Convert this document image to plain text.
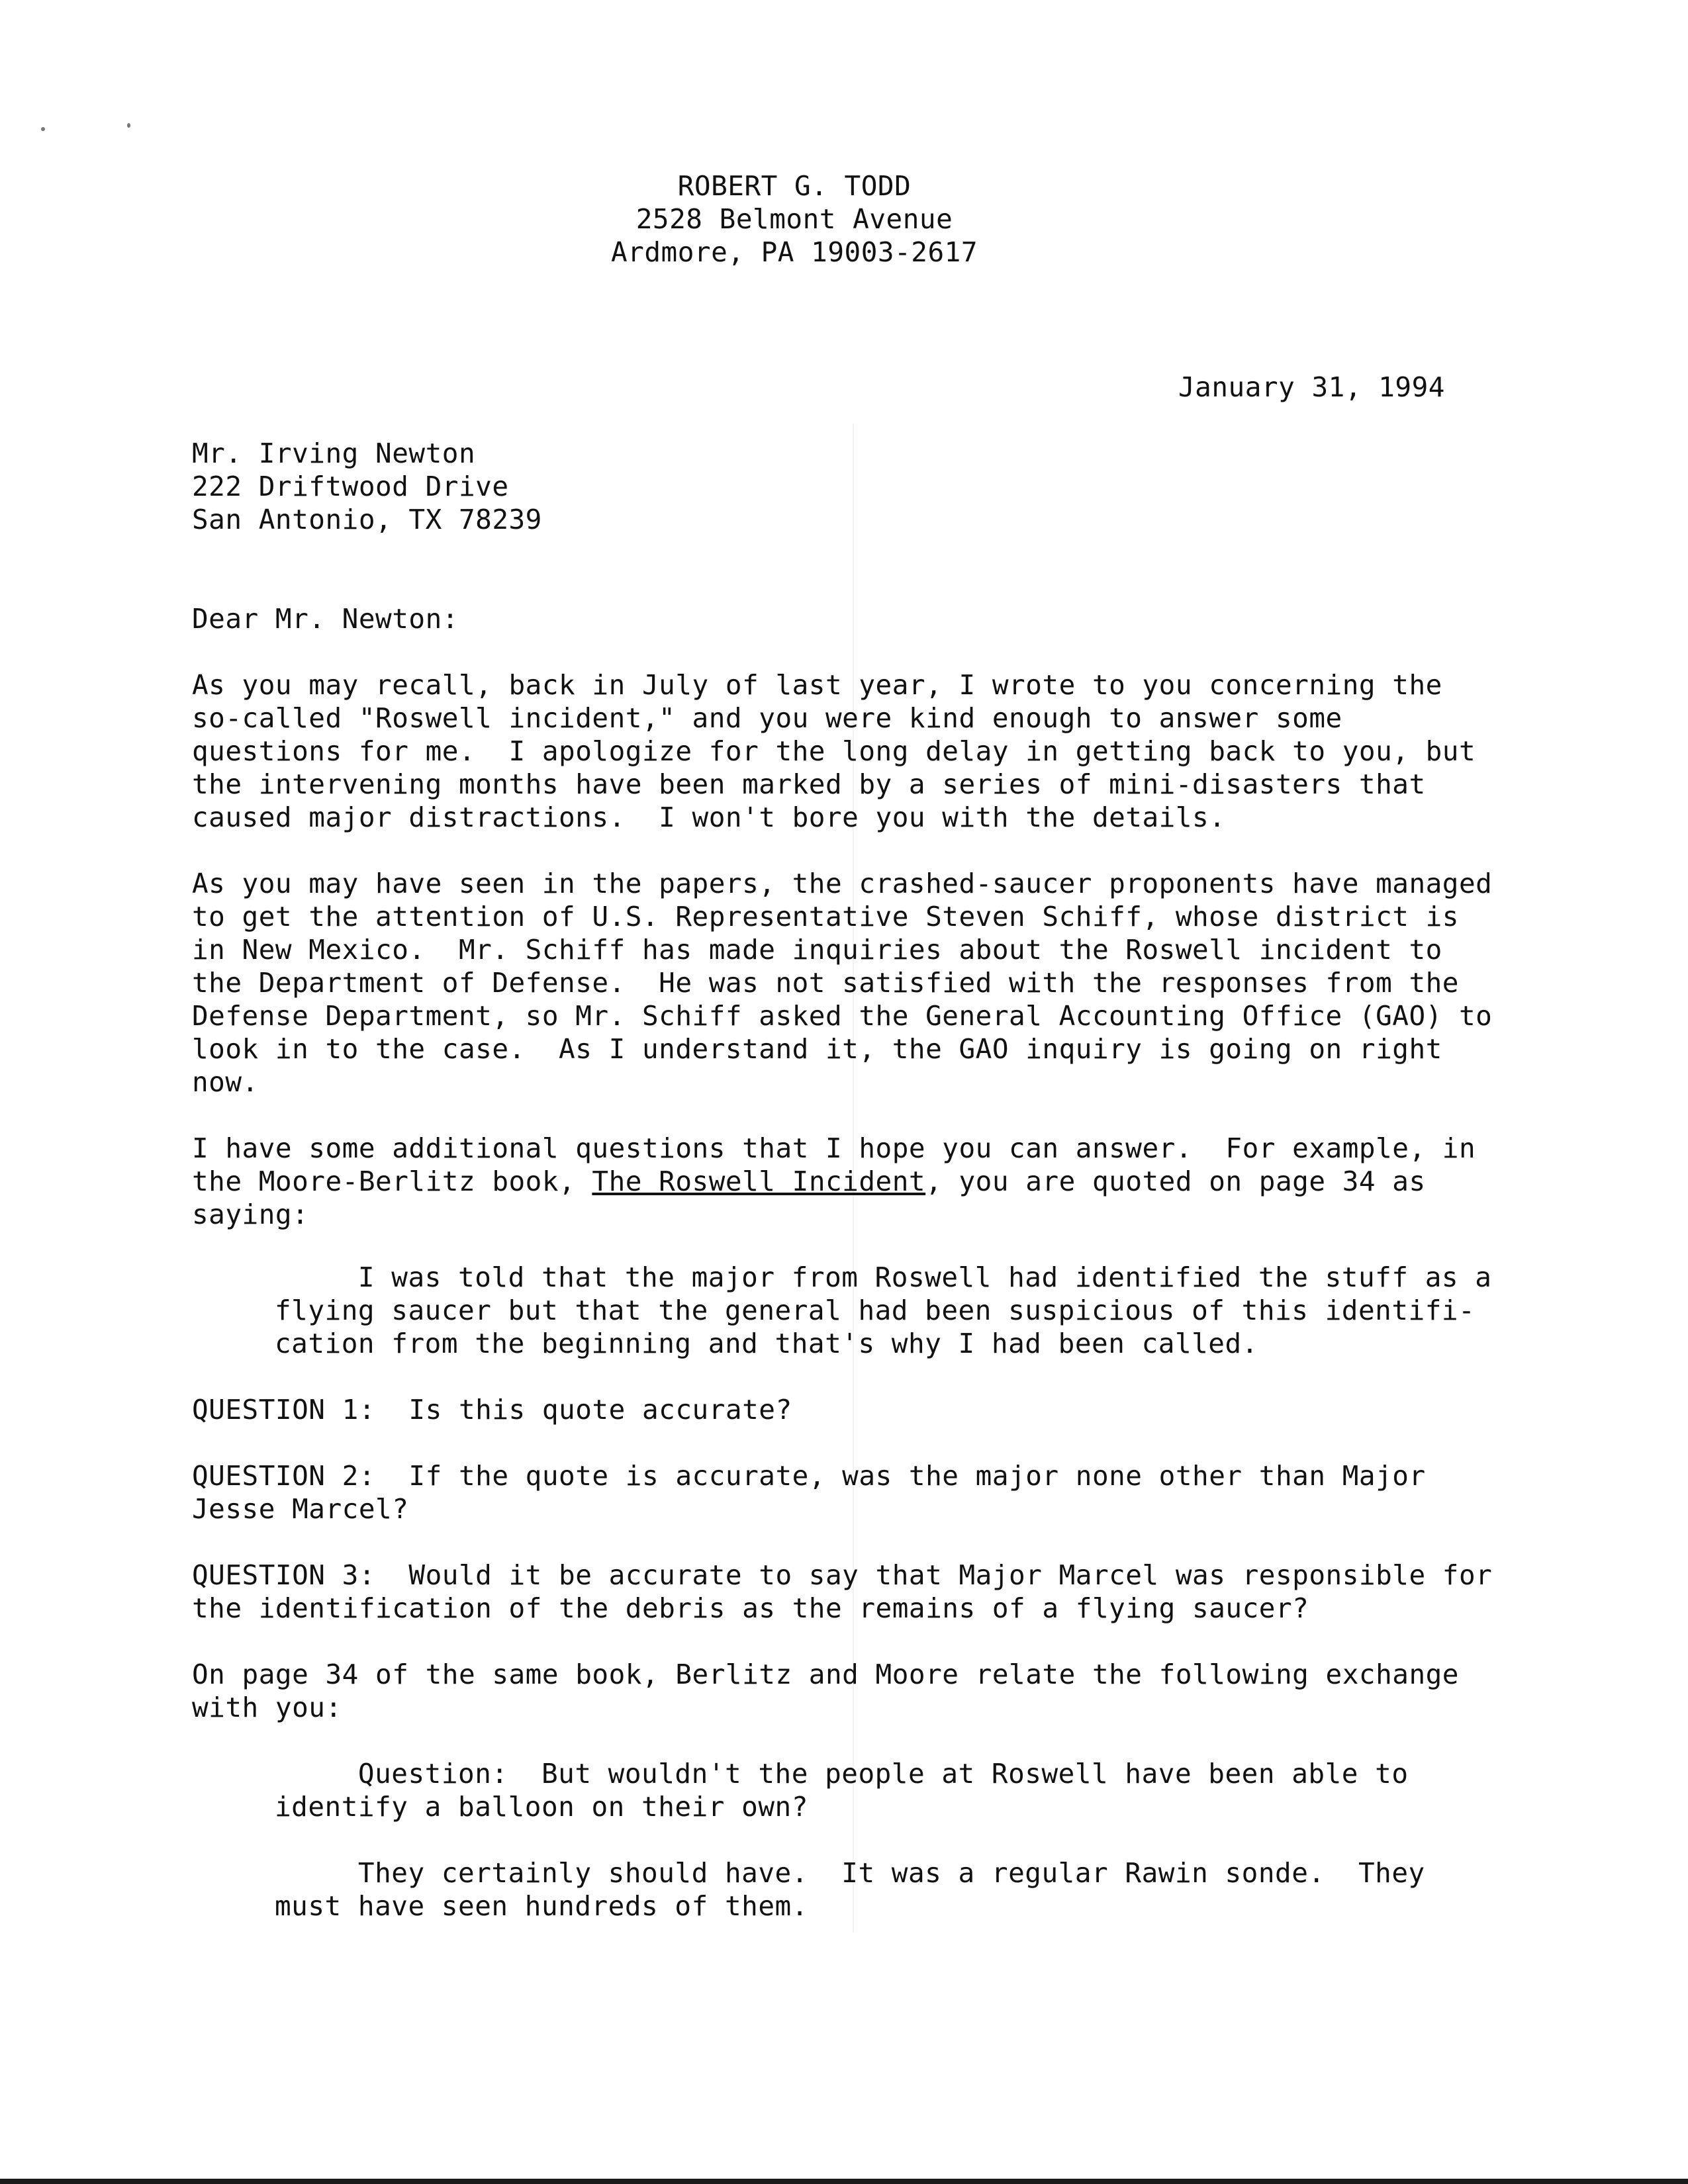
ROBERT G. TODD
2528 Belmont Avenue
Ardmore, PA 19003-2617
January 31, 1994
Mr. Irving Newton
222 Driftwood Drive
San Antonio, TX 78239
Dear Mr. Newton:
As you may recall, back in July of last year, I wrote to you concerning the
so-called "Roswell incident," and you were kind enough to answer some
questions for me.  I apologize for the long delay in getting back to you, but
the intervening months have been marked by a series of mini-disasters that
caused major distractions.  I won't bore you with the details.
As you may have seen in the papers, the crashed-saucer proponents have managed
to get the attention of U.S. Representative Steven Schiff, whose district is
in New Mexico.  Mr. Schiff has made inquiries about the Roswell incident to
the Department of Defense.  He was not satisfied with the responses from the
Defense Department, so Mr. Schiff asked the General Accounting Office (GAO) to
look in to the case.  As I understand it, the GAO inquiry is going on right
now.
I have some additional questions that I hope you can answer.  For example, in
the Moore-Berlitz book, The Roswell Incident, you are quoted on page 34 as
saying:
I was told that the major from Roswell had identified the stuff as a
flying saucer but that the general had been suspicious of this identifi-
cation from the beginning and that's why I had been called.
QUESTION 1:  Is this quote accurate?
QUESTION 2:  If the quote is accurate, was the major none other than Major
Jesse Marcel?
QUESTION 3:  Would it be accurate to say that Major Marcel was responsible for
the identification of the debris as the remains of a flying saucer?
On page 34 of the same book, Berlitz and Moore relate the following exchange
with you:
Question:  But wouldn't the people at Roswell have been able to
identify a balloon on their own?
They certainly should have.  It was a regular Rawin sonde.  They
must have seen hundreds of them.
